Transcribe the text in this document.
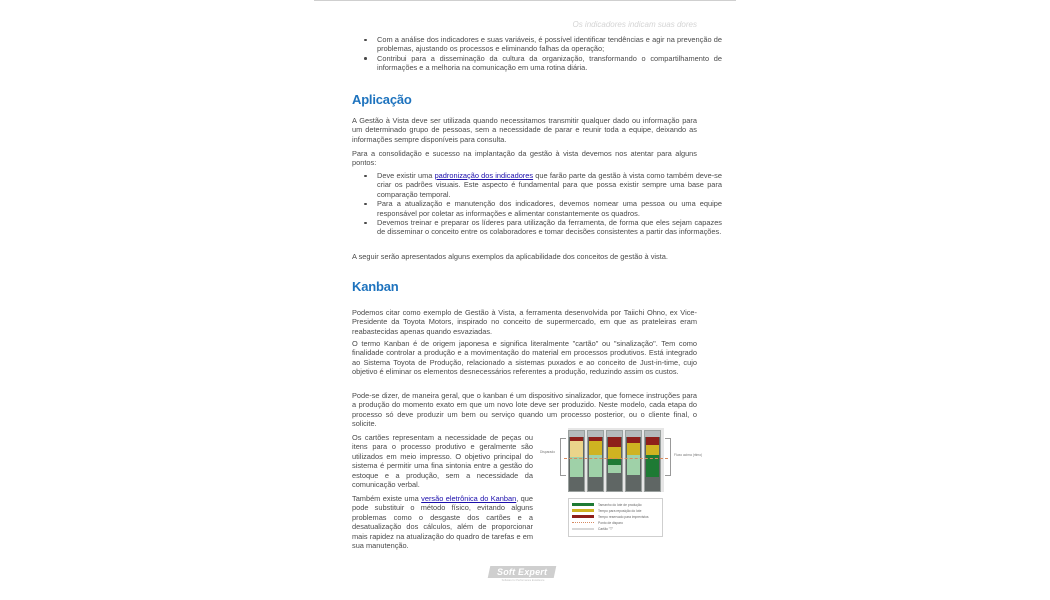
Os indicadores indicam suas dores
Com a análise dos indicadores e suas variáveis, é possível identificar tendências e agir na prevenção de problemas, ajustando os processos e eliminando falhas da operação;
Contribui para a disseminação da cultura da organização, transformando o compartilhamento de informações e a melhoria na comunicação em uma rotina diária.
Aplicação

A Gestão à Vista deve ser utilizada quando necessitamos transmitir qualquer dado ou informação para um determinado grupo de pessoas, sem a necessidade de parar e reunir toda a equipe, deixando as informações sempre disponíveis para consulta.

Para a consolidação e sucesso na implantação da gestão à vista devemos nos atentar para alguns pontos:

Deve existir uma padronização dos indicadores que farão parte da gestão à vista como também deve-se criar os padrões visuais. Este aspecto é fundamental para que possa existir sempre uma base para comparação temporal.
Para a atualização e manutenção dos indicadores, devemos nomear uma pessoa ou uma equipe responsável por coletar as informações e alimentar constantemente os quadros.
Devemos treinar e preparar os líderes para utilização da ferramenta, de forma que eles sejam capazes de disseminar o conceito entre os colaboradores e tomar decisões consistentes a partir das informações.

A seguir serão apresentados alguns exemplos da aplicabilidade dos conceitos de gestão à vista.

Kanban

Podemos citar como exemplo de Gestão à Vista, a ferramenta desenvolvida por Taiichi Ohno, ex Vice-Presidente da Toyota Motors, inspirado no conceito de supermercado, em que as prateleiras eram reabastecidas apenas quando esvaziadas.

O termo Kanban é de origem japonesa e significa literalmente "cartão" ou "sinalização". Tem como finalidade controlar a produção e a movimentação do material em processos produtivos. Está integrado ao Sistema Toyota de Produção, relacionado a sistemas puxados e ao conceito de Just-in-time, cujo objetivo é eliminar os elementos desnecessários referentes a produção, reduzindo assim os custos.

Pode-se dizer, de maneira geral, que o kanban é um dispositivo sinalizador, que fornece instruções para a produção do momento exato em que um novo lote deve ser produzido. Neste modelo, cada etapa do processo só deve produzir um bem ou serviço quando um processo posterior, ou o cliente final, o solicite.

Os cartões representam a necessidade de peças ou itens para o processo produtivo e geralmente são utilizados em meio impresso. O objetivo principal do sistema é permitir uma fina sintonia entre a gestão do estoque e a produção, sem a necessidade da comunicação verbal.

Também existe uma versão eletrônica do Kanban, que pode substituir o método físico, evitando alguns problemas como o desgaste dos cartões e a desatualização dos cálculos, além de proporcionar mais rapidez na atualização do quadro de tarefas e em sua manutenção.

Disparado
Fluxo acima (ritmo)
Tamanho do lote de produção
Tempo para reposição do lote
Tempo reservado para imprevistos
Ponto de disparo
Cartão "T"
Soft Expert
Software for Performance Excellence
